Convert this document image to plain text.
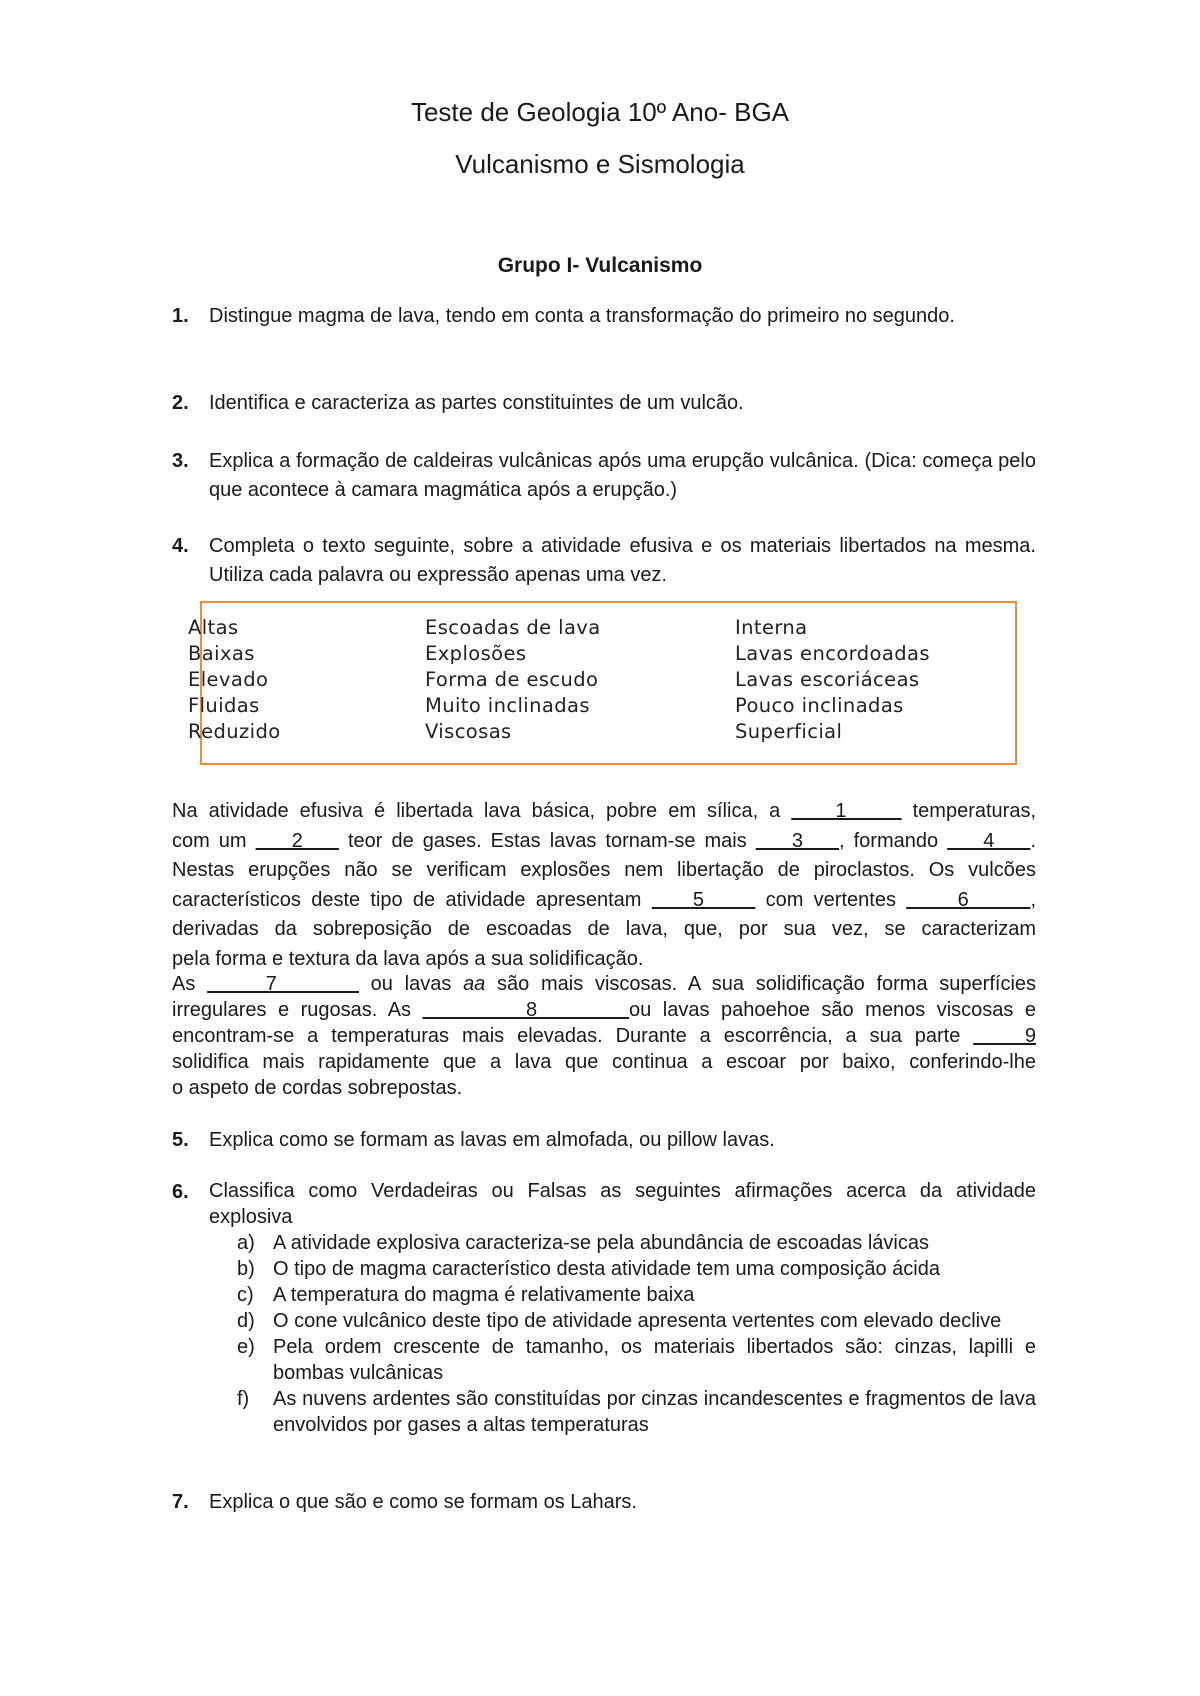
Teste de Geologia 10º Ano- BGA
Vulcanismo e Sismologia
Grupo I- Vulcanismo
1. Distingue magma de lava, tendo em conta a transformação do primeiro no segundo.
2. Identifica e caracteriza as partes constituintes de um vulcão.
3. Explica a formação de caldeiras vulcânicas após uma erupção vulcânica. (Dica: começa pelo que acontece à camara magmática após a erupção.)
4. Completa o texto seguinte, sobre a atividade efusiva e os materiais libertados na mesma. Utiliza cada palavra ou expressão apenas uma vez.
Altas
Baixas
Elevado
Fluidas
Reduzido
Escoadas de lava
Explosões
Forma de escudo
Muito inclinadas
Viscosas
Interna
Lavas encordoadas
Lavas escoriáceas
Pouco inclinadas
Superficial
Na atividade efusiva é libertada lava básica, pobre em sílica, a     1      temperaturas,
com um     2     teor de gases. Estas lavas tornam-se mais     3    , formando     4    .
Nestas erupções não se verificam explosões nem libertação de piroclastos. Os vulcões
característicos deste tipo de atividade apresentam     5      com vertentes      6      ,
derivadas da sobreposição de escoadas de lava, que, por sua vez, se caracterizam
pela forma e textura da lava após a sua solidificação.
As      7        ou lavas aa são mais viscosas. A sua solidificação forma superfícies
irregulares e rugosas. As          8        ou lavas pahoehoe são menos viscosas e
encontram-se a temperaturas mais elevadas. Durante a escorrência, a sua parte     9
solidifica mais rapidamente que a lava que continua a escoar por baixo, conferindo-lhe
o aspeto de cordas sobrepostas.
5. Explica como se formam as lavas em almofada, ou pillow lavas.
6. Classifica como Verdadeiras ou Falsas as seguintes afirmações acerca da atividade explosiva
a) A atividade explosiva caracteriza-se pela abundância de escoadas lávicas
b) O tipo de magma característico desta atividade tem uma composição ácida
c) A temperatura do magma é relativamente baixa
d) O cone vulcânico deste tipo de atividade apresenta vertentes com elevado declive
e) Pela ordem crescente de tamanho, os materiais libertados são: cinzas, lapilli e bombas vulcânicas
f) As nuvens ardentes são constituídas por cinzas incandescentes e fragmentos de lava envolvidos por gases a altas temperaturas
7. Explica o que são e como se formam os Lahars.
